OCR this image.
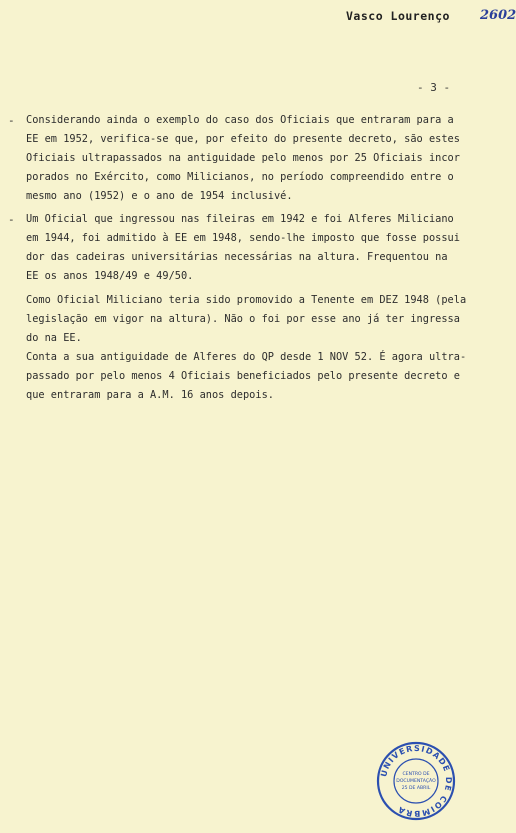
Vasco Lourenço 2602
- 3 -
- Considerando ainda o exemplo do caso dos Oficiais que entraram para a
EE em 1952, verifica-se que, por efeito do presente decreto, são estes
Oficiais ultrapassados na antiguidade pelo menos por 25 Oficiais incor
porados no Exército, como Milicianos, no período compreendido entre o
mesmo ano (1952) e o ano de 1954 inclusivé.
- Um Oficial que ingressou nas fileiras em 1942 e foi Alferes Miliciano
em 1944, foi admitido à EE em 1948, sendo-lhe imposto que fosse possui
dor das cadeiras universitárias necessárias na altura. Frequentou na
EE os anos 1948/49 e 49/50.
Como Oficial Miliciano teria sido promovido a Tenente em DEZ 1948 (pela
legislação em vigor na altura). Não o foi por esse ano já ter ingressa
do na EE.
Conta a sua antiguidade de Alferes do QP desde 1 NOV 52. É agora ultra-
passado por pelo menos 4 Oficiais beneficiados pelo presente decreto e
que entraram para a A.M. 16 anos depois.
UNIVERSIDADE DE COIMBRA
CENTRO DE
DOCUMENTAÇÃO
25 DE ABRIL
